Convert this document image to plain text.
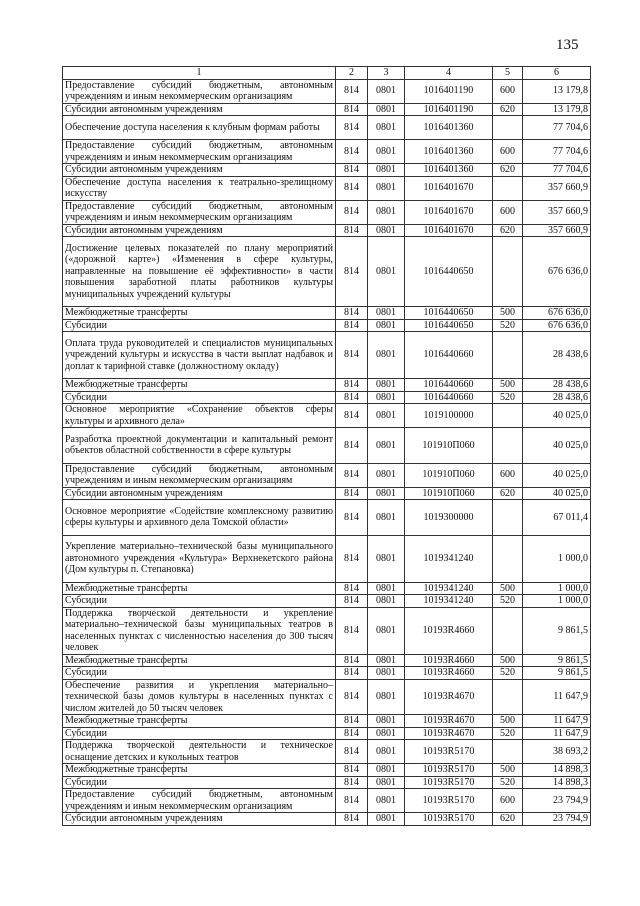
135
1	2	3	4	5	6
Предоставление субсидий бюджетным, автономным учреждениям и иным некоммерческим организациям	814	0801	1016401190	600	13 179,8
Субсидии автономным учреждениям	814	0801	1016401190	620	13 179,8
Обеспечение доступа населения к клубным формам работы	814	0801	1016401360		77 704,6
Предоставление субсидий бюджетным, автономным учреждениям и иным некоммерческим организациям	814	0801	1016401360	600	77 704,6
Субсидии автономным учреждениям	814	0801	1016401360	620	77 704,6
Обеспечение доступа населения к театрально-зрелищному искусству	814	0801	1016401670		357 660,9
Предоставление субсидий бюджетным, автономным учреждениям и иным некоммерческим организациям	814	0801	1016401670	600	357 660,9
Субсидии автономным учреждениям	814	0801	1016401670	620	357 660,9
Достижение целевых показателей по плану мероприятий («дорожной карте») «Изменения в сфере культуры, направленные на повышение её эффективности» в части повышения заработной платы работников культуры муниципальных учреждений культуры	814	0801	1016440650		676 636,0
Межбюджетные трансферты	814	0801	1016440650	500	676 636,0
Субсидии	814	0801	1016440650	520	676 636,0
Оплата труда руководителей и специалистов муниципальных учреждений культуры и искусства в части выплат надбавок и доплат к тарифной ставке (должностному окладу)	814	0801	1016440660		28 438,6
Межбюджетные трансферты	814	0801	1016440660	500	28 438,6
Субсидии	814	0801	1016440660	520	28 438,6
Основное мероприятие «Сохранение объектов сферы культуры и архивного дела»	814	0801	1019100000		40 025,0
Разработка проектной документации и капитальный ремонт объектов областной собственности в сфере культуры	814	0801	101910П060		40 025,0
Предоставление субсидий бюджетным, автономным учреждениям и иным некоммерческим организациям	814	0801	101910П060	600	40 025,0
Субсидии автономным учреждениям	814	0801	101910П060	620	40 025,0
Основное мероприятие «Содействие комплексному развитию сферы культуры и архивного дела Томской области»	814	0801	1019300000		67 011,4
Укрепление материально–технической базы муниципального автономного учреждения «Культура» Верхнекетского района (Дом культуры п. Степановка)	814	0801	1019341240		1 000,0
Межбюджетные трансферты	814	0801	1019341240	500	1 000,0
Субсидии	814	0801	1019341240	520	1 000,0
Поддержка творческой деятельности и укрепление материально–технической базы муниципальных театров в населенных пунктах с численностью населения до 300 тысяч человек	814	0801	10193R4660		9 861,5
Межбюджетные трансферты	814	0801	10193R4660	500	9 861,5
Субсидии	814	0801	10193R4660	520	9 861,5
Обеспечение развития и укрепления материально–технической базы домов культуры в населенных пунктах с числом жителей до 50 тысяч человек	814	0801	10193R4670		11 647,9
Межбюджетные трансферты	814	0801	10193R4670	500	11 647,9
Субсидии	814	0801	10193R4670	520	11 647,9
Поддержка творческой деятельности и техническое оснащение детских и кукольных театров	814	0801	10193R5170		38 693,2
Межбюджетные трансферты	814	0801	10193R5170	500	14 898,3
Субсидии	814	0801	10193R5170	520	14 898,3
Предоставление субсидий бюджетным, автономным учреждениям и иным некоммерческим организациям	814	0801	10193R5170	600	23 794,9
Субсидии автономным учреждениям	814	0801	10193R5170	620	23 794,9
